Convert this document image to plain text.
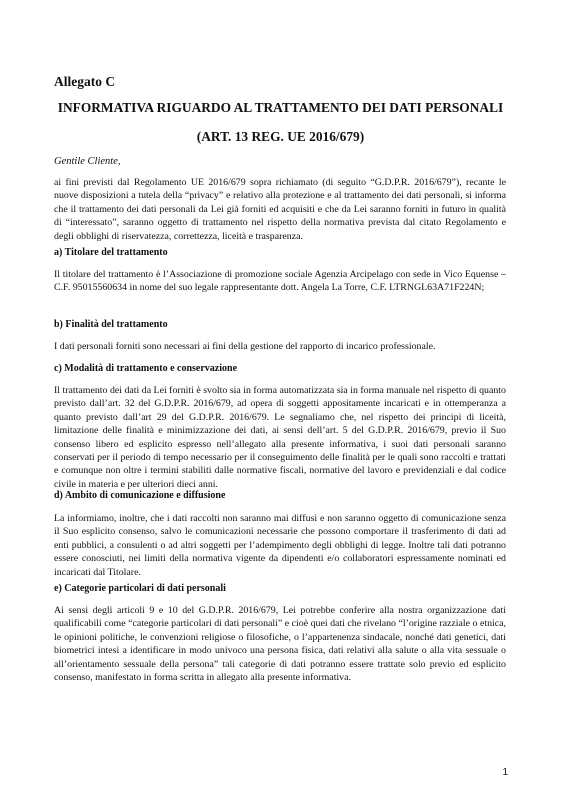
Allegato C

INFORMATIVA RIGUARDO AL TRATTAMENTO DEI DATI PERSONALI
(ART. 13 REG. UE 2016/679)

Gentile Cliente,

ai fini previsti dal Regolamento UE 2016/679 sopra richiamato (di seguito “G.D.P.R. 2016/679”), recante le nuove disposizioni a tutela della “privacy” e relativo alla protezione e al trattamento dei dati personali, si informa che il trattamento dei dati personali da Lei già forniti ed acquisiti e che da Lei saranno forniti in futuro in qualità di “interessato”, saranno oggetto di trattamento nel rispetto della normativa prevista dal citato Regolamento e degli obblighi di riservatezza, correttezza, liceità e trasparenza.

a) Titolare del trattamento

Il titolare del trattamento è l’Associazione di promozione sociale Agenzia Arcipelago con sede in Vico Equense – C.F. 95015560634 in nome del suo legale rappresentante dott. Angela La Torre, C.F. LTRNGL63A71F224N;

b) Finalità del trattamento

I dati personali forniti sono necessari ai fini della gestione del rapporto di incarico professionale.

c) Modalità di trattamento e conservazione

Il trattamento dei dati da Lei forniti è svolto sia in forma automatizzata sia in forma manuale nel rispetto di quanto previsto dall’art. 32 del G.D.P.R. 2016/679, ad opera di soggetti appositamente incaricati e in ottemperanza a quanto previsto dall’art 29 del G.D.P.R. 2016/679. Le segnaliamo che, nel rispetto dei principi di liceità, limitazione delle finalità e minimizzazione dei dati, ai sensi dell’art. 5 del G.D.P.R. 2016/679, previo il Suo consenso libero ed esplicito espresso nell’allegato alla presente informativa, i suoi dati personali saranno conservati per il periodo di tempo necessario per il conseguimento delle finalità per le quali sono raccolti e trattati e comunque non oltre i termini stabiliti dalle normative fiscali, normative del lavoro e previdenziali e dal codice civile in materia e per ulteriori dieci anni.

d) Ambito di comunicazione e diffusione

La informiamo, inoltre, che i dati raccolti non saranno mai diffusi e non saranno oggetto di comunicazione senza il Suo esplicito consenso, salvo le comunicazioni necessarie che possono comportare il trasferimento di dati ad enti pubblici, a consulenti o ad altri soggetti per l’adempimento degli obblighi di legge. Inoltre tali dati potranno essere conosciuti, nei limiti della normativa vigente da dipendenti e/o collaboratori espressamente nominati ed incaricati dal Titolare.

e) Categorie particolari di dati personali

Ai sensi degli articoli 9 e 10 del G.D.P.R. 2016/679, Lei potrebbe conferire alla nostra organizzazione dati qualificabili come “categorie particolari di dati personali” e cioè quei dati che rivelano “l’origine razziale o etnica, le opinioni politiche, le convenzioni religiose o filosofiche, o l’appartenenza sindacale, nonché dati genetici, dati biometrici intesi a identificare in modo univoco una persona fisica, dati relativi alla salute o alla vita sessuale o all’orientamento sessuale della persona” tali categorie di dati potranno essere trattate solo previo ed esplicito consenso, manifestato in forma scritta in allegato alla presente informativa.

1
